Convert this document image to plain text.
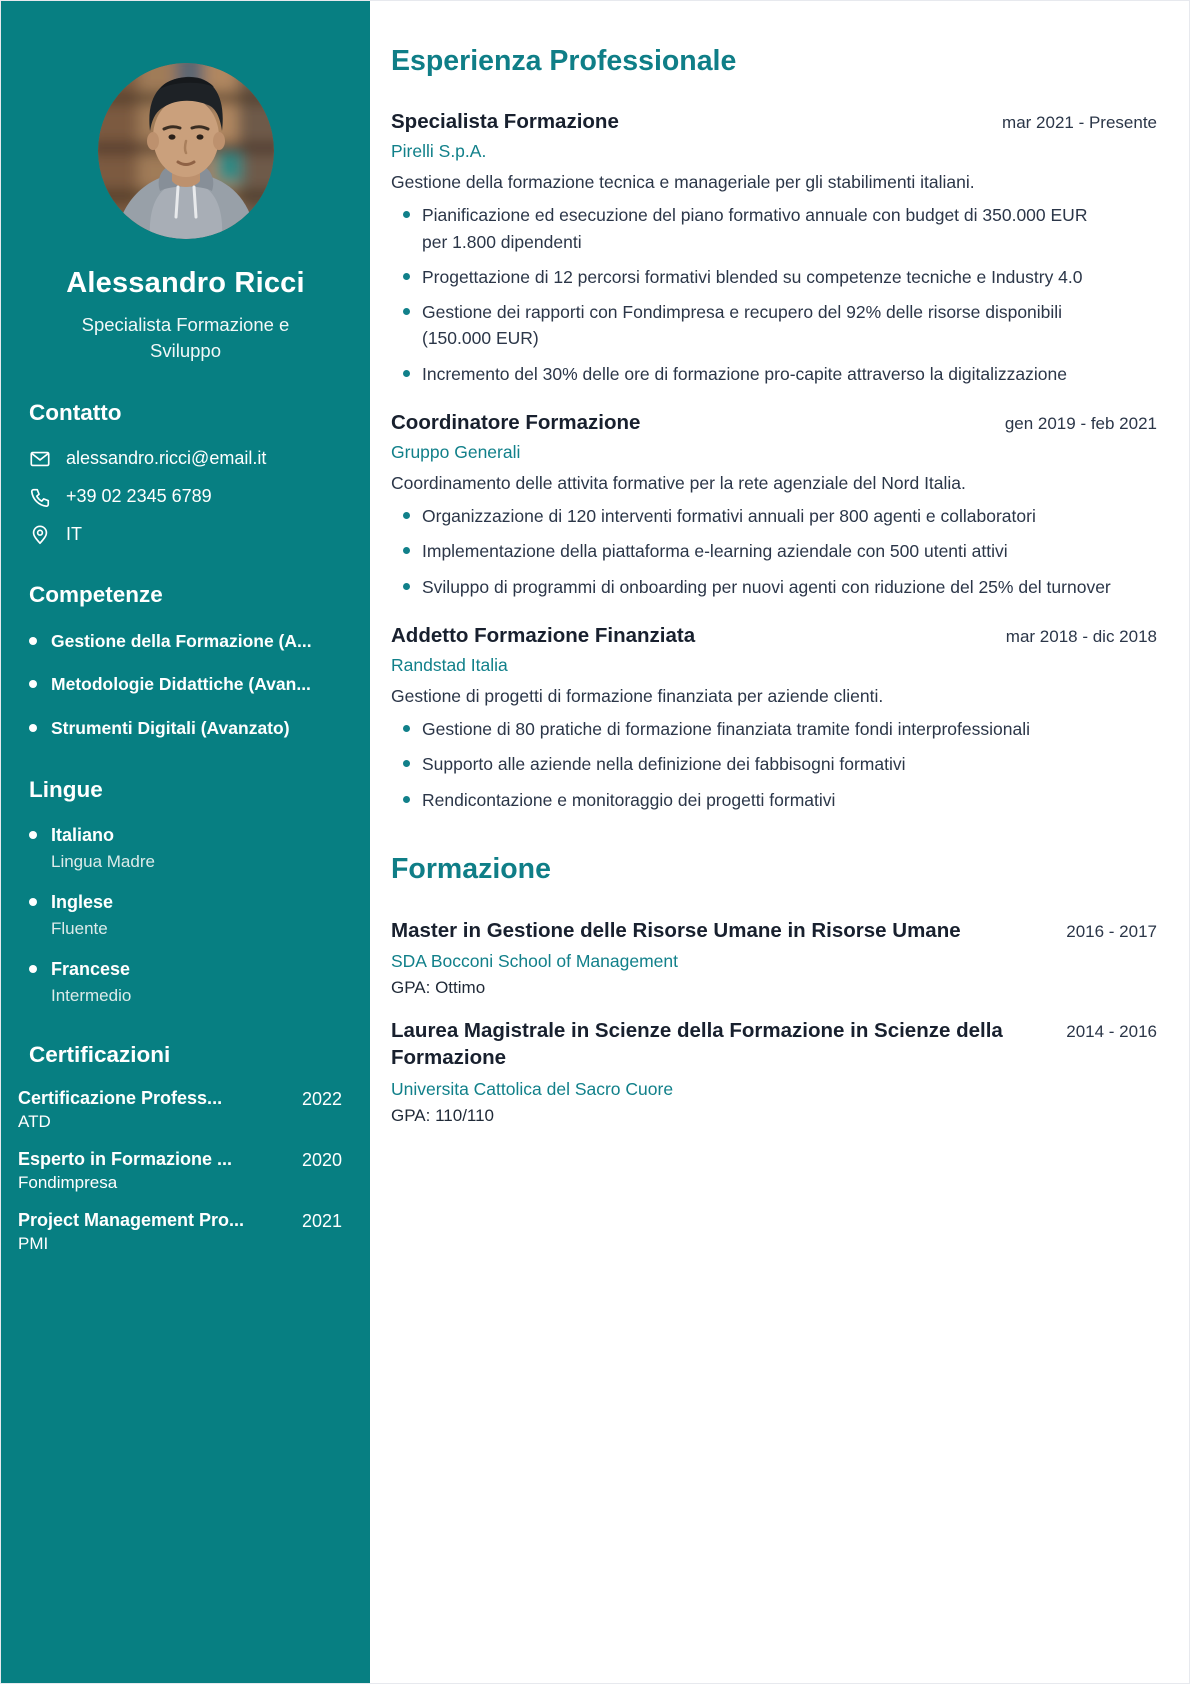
Alessandro Ricci
Specialista Formazione e Sviluppo
Contatto
alessandro.ricci@email.it
+39 02 2345 6789
IT
Competenze
Gestione della Formazione (A...
Metodologie Didattiche (Avan...
Strumenti Digitali (Avanzato)
Lingue
Italiano
Lingua Madre
Inglese
Fluente
Francese
Intermedio
Certificazioni
Certificazione Profess...
ATD
2022
Esperto in Formazione ...
Fondimpresa
2020
Project Management Pro...
PMI
2021
Esperienza Professionale
Specialista Formazione	mar 2021 - Presente
Pirelli S.p.A.
Gestione della formazione tecnica e manageriale per gli stabilimenti italiani.
Pianificazione ed esecuzione del piano formativo annuale con budget di 350.000 EUR per 1.800 dipendenti
Progettazione di 12 percorsi formativi blended su competenze tecniche e Industry 4.0
Gestione dei rapporti con Fondimpresa e recupero del 92% delle risorse disponibili (150.000 EUR)
Incremento del 30% delle ore di formazione pro-capite attraverso la digitalizzazione
Coordinatore Formazione	gen 2019 - feb 2021
Gruppo Generali
Coordinamento delle attivita formative per la rete agenziale del Nord Italia.
Organizzazione di 120 interventi formativi annuali per 800 agenti e collaboratori
Implementazione della piattaforma e-learning aziendale con 500 utenti attivi
Sviluppo di programmi di onboarding per nuovi agenti con riduzione del 25% del turnover
Addetto Formazione Finanziata	mar 2018 - dic 2018
Randstad Italia
Gestione di progetti di formazione finanziata per aziende clienti.
Gestione di 80 pratiche di formazione finanziata tramite fondi interprofessionali
Supporto alle aziende nella definizione dei fabbisogni formativi
Rendicontazione e monitoraggio dei progetti formativi
Formazione
Master in Gestione delle Risorse Umane in Risorse Umane	2016 - 2017
SDA Bocconi School of Management
GPA: Ottimo
Laurea Magistrale in Scienze della Formazione in Scienze della Formazione
2014 - 2016
Universita Cattolica del Sacro Cuore
GPA: 110/110
